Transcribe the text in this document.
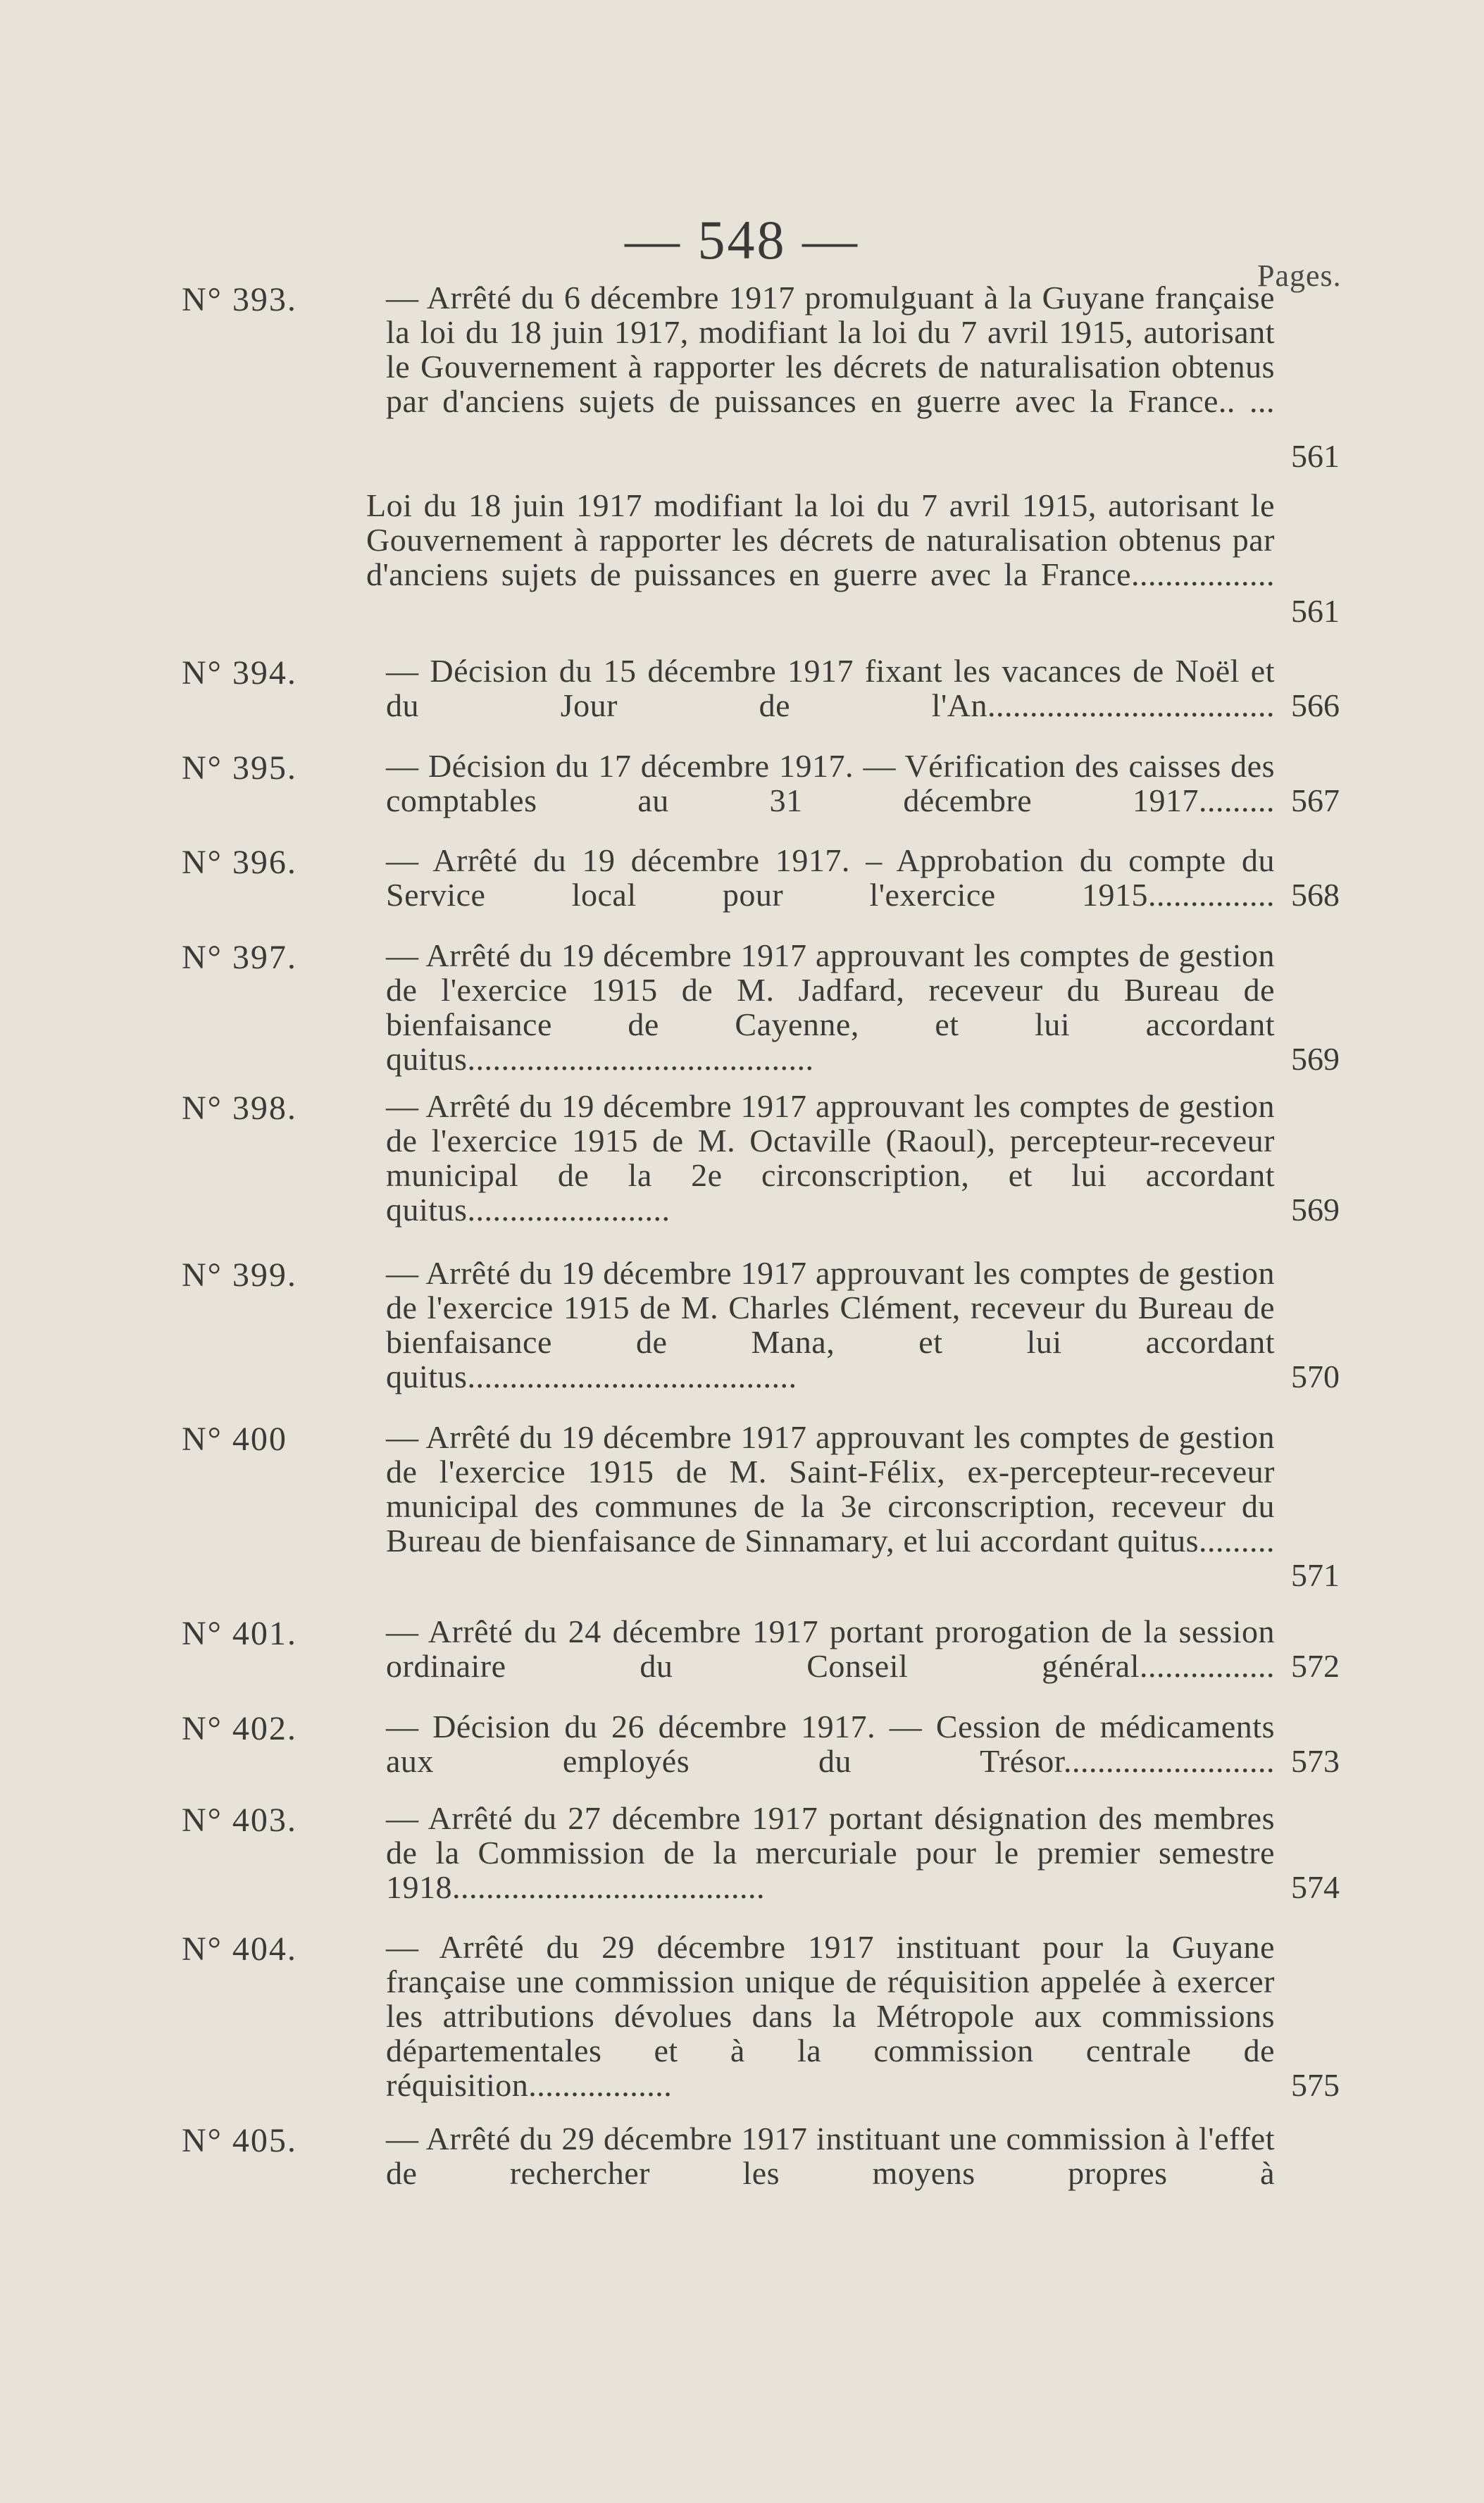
— 548 —
Pages.
N° 393.	— Arrêté du 6 décembre 1917 promulguant à la Guyane française la loi du 18 juin 1917, modifiant la loi du 7 avril 1915, autorisant le Gouvernement à rapporter les décrets de naturalisation obtenus par d'anciens sujets de puissances en guerre avec la France.. ...
561
Loi du 18 juin 1917 modifiant la loi du 7 avril 1915, autorisant le Gouvernement à rapporter les décrets de naturalisation obtenus par d'anciens sujets de puissances en guerre avec la France.................
561
N° 394.	— Décision du 15 décembre 1917 fixant les vacances de Noël et du Jour de l'An.................................. 566
N° 395.	— Décision du 17 décembre 1917. — Vérification des caisses des comptables au 31 décembre 1917......... 567
N° 396.	— Arrêté du 19 décembre 1917. – Approbation du compte du Service local pour l'exercice 1915............... 568
N° 397.	— Arrêté du 19 décembre 1917 approuvant les comptes de gestion de l'exercice 1915 de M. Jadfard, receveur du Bureau de bienfaisance de Cayenne, et lui accordant quitus.........................................	569
N° 398.	— Arrêté du 19 décembre 1917 approuvant les comptes de gestion de l'exercice 1915 de M. Octaville (Raoul), percepteur-receveur municipal de la 2e circonscription, et lui accordant quitus........................	569
N° 399.	— Arrêté du 19 décembre 1917 approuvant les comptes de gestion de l'exercice 1915 de M. Charles Clément, receveur du Bureau de bienfaisance de Mana, et lui accordant quitus.......................................	570
N° 400	— Arrêté du 19 décembre 1917 approuvant les comptes de gestion de l'exercice 1915 de M. Saint-Félix, ex-percepteur-receveur municipal des communes de la 3e circonscription, receveur du Bureau de bienfaisance de Sinnamary, et lui accordant quitus.........
571
N° 401.	— Arrêté du 24 décembre 1917 portant prorogation de la session ordinaire du Conseil général................ 572
N° 402.	— Décision du 26 décembre 1917. — Cession de médicaments aux employés du Trésor......................... 573
N° 403.	— Arrêté du 27 décembre 1917 portant désignation des membres de la Commission de la mercuriale pour le premier semestre 1918.....................................	574
N° 404.	— Arrêté du 29 décembre 1917 instituant pour la Guyane française une commission unique de réquisition appelée à exercer les attributions dévolues dans la Métropole aux commissions départementales et à la commission centrale de réquisition.................	575
N° 405.	— Arrêté du 29 décembre 1917 instituant une commission à l'effet de rechercher les moyens propres à
